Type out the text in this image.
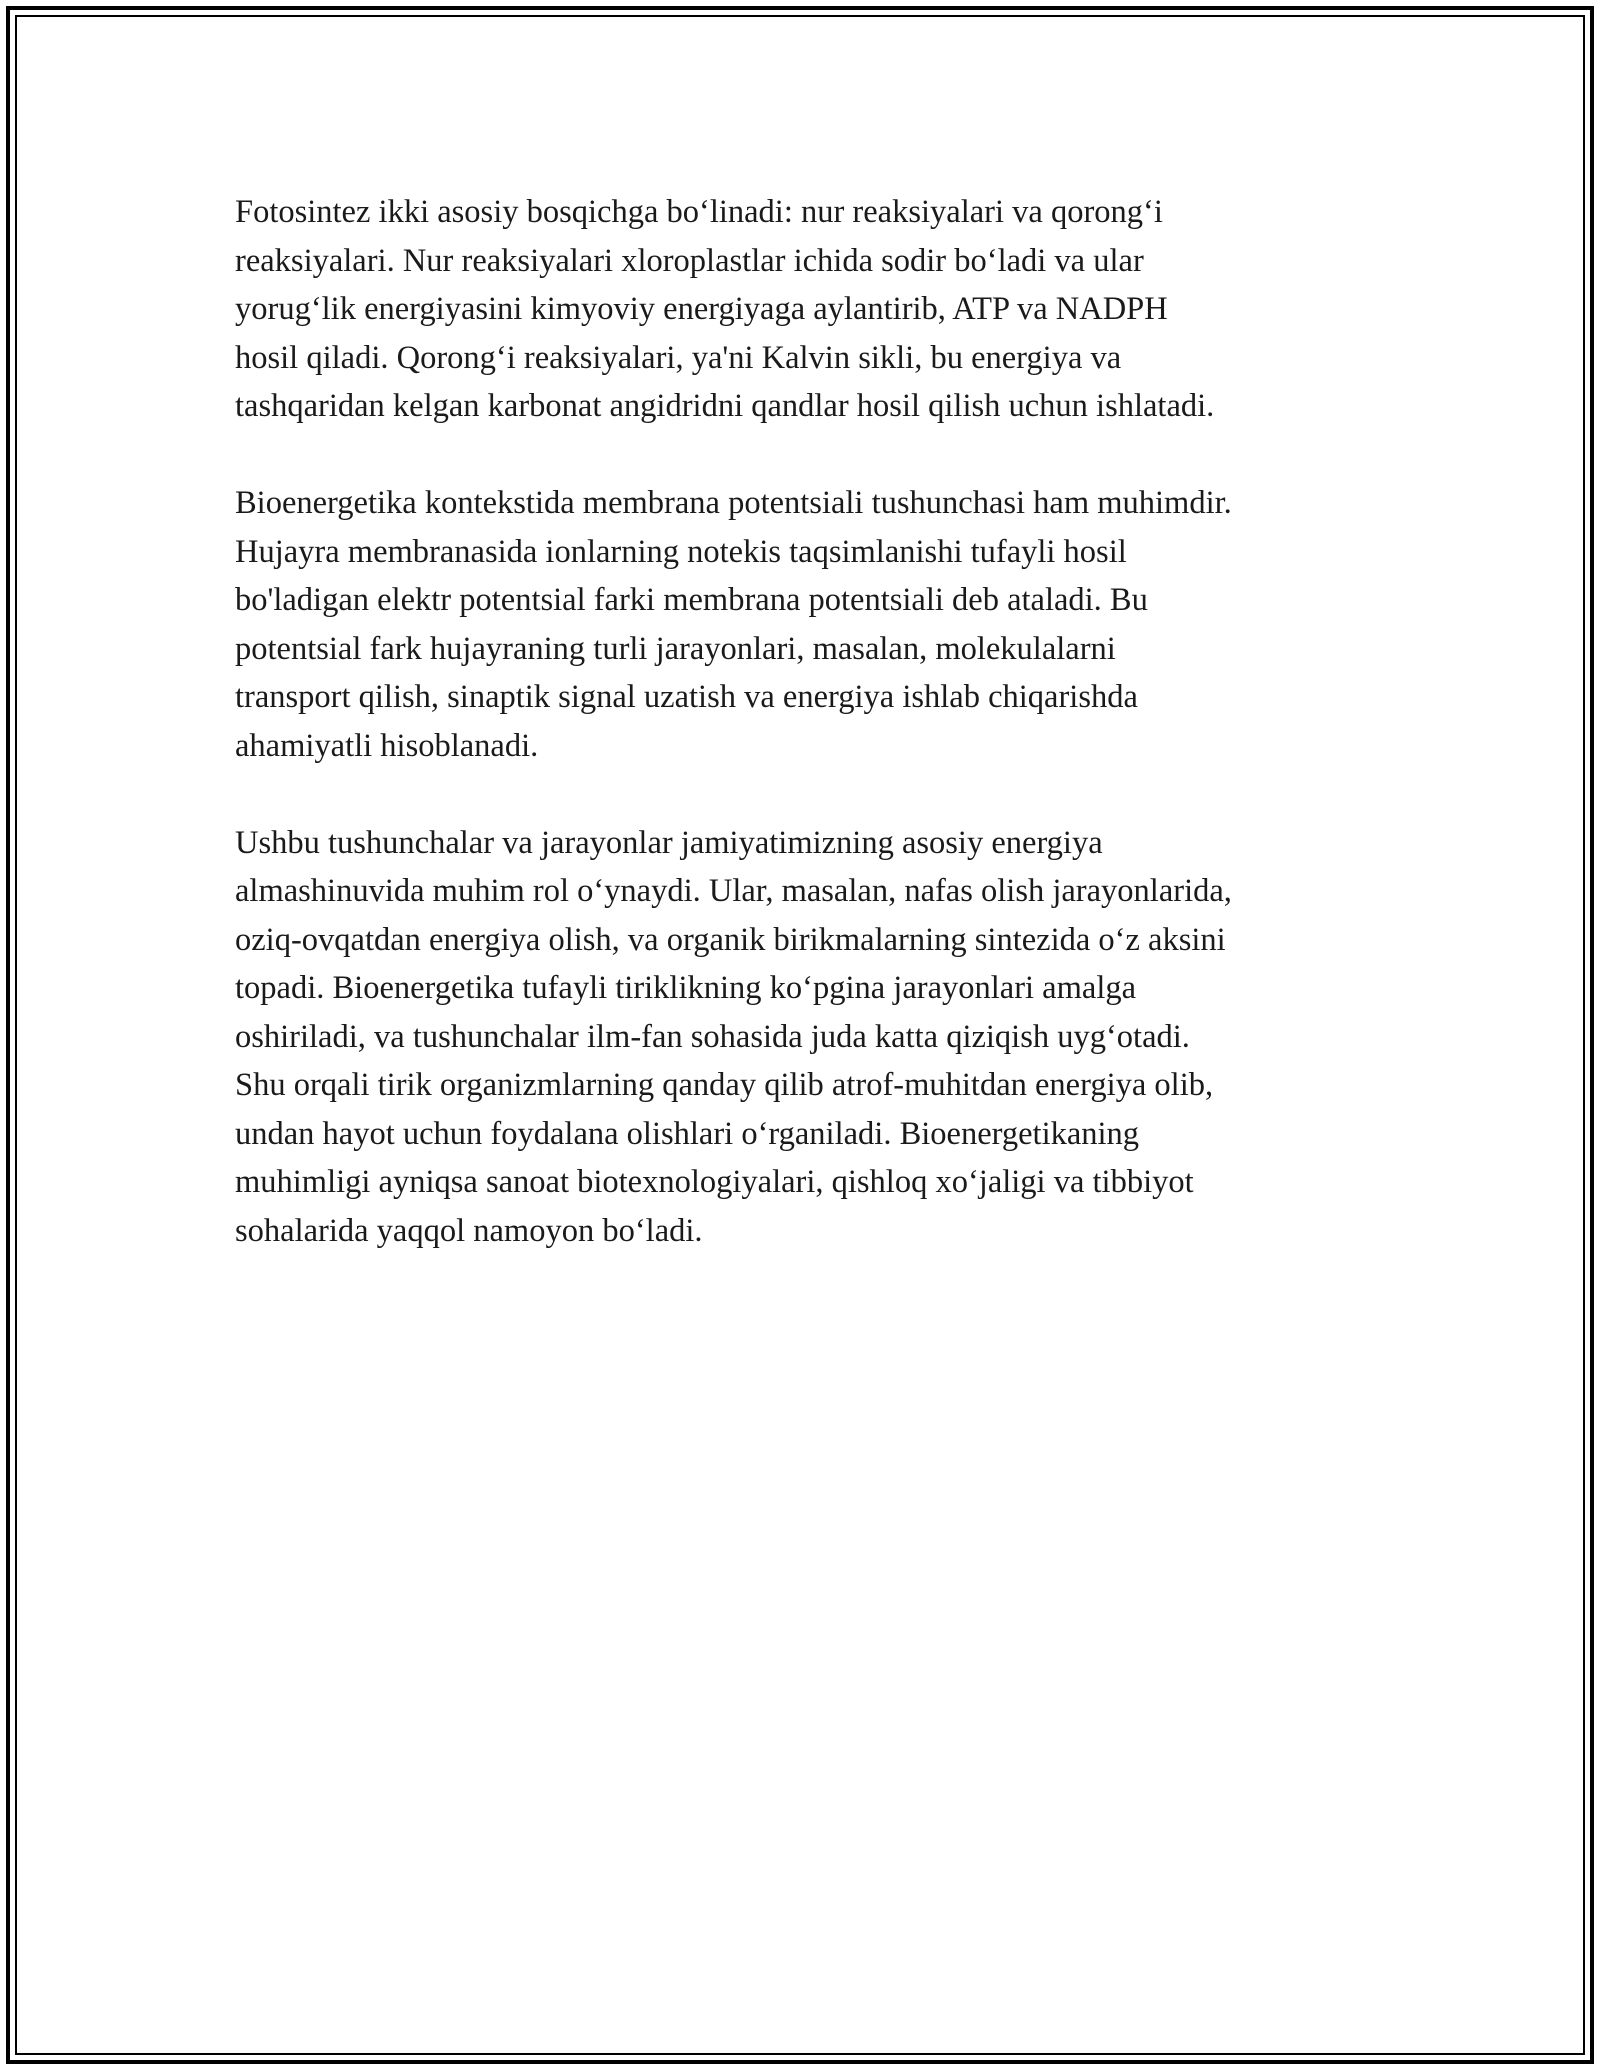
Fotosintez ikki asosiy bosqichga bo‘linadi: nur reaksiyalari va qorong‘i
reaksiyalari. Nur reaksiyalari xloroplastlar ichida sodir bo‘ladi va ular
yorug‘lik energiyasini kimyoviy energiyaga aylantirib, ATP va NADPH
hosil qiladi. Qorong‘i reaksiyalari, ya'ni Kalvin sikli, bu energiya va
tashqaridan kelgan karbonat angidridni qandlar hosil qilish uchun ishlatadi.

Bioenergetika kontekstida membrana potentsiali tushunchasi ham muhimdir.
Hujayra membranasida ionlarning notekis taqsimlanishi tufayli hosil
bo'ladigan elektr potentsial farki membrana potentsiali deb ataladi. Bu
potentsial fark hujayraning turli jarayonlari, masalan, molekulalarni
transport qilish, sinaptik signal uzatish va energiya ishlab chiqarishda
ahamiyatli hisoblanadi.

Ushbu tushunchalar va jarayonlar jamiyatimizning asosiy energiya
almashinuvida muhim rol o‘ynaydi. Ular, masalan, nafas olish jarayonlarida,
oziq-ovqatdan energiya olish, va organik birikmalarning sintezida o‘z aksini
topadi. Bioenergetika tufayli tiriklikning ko‘pgina jarayonlari amalga
oshiriladi, va tushunchalar ilm-fan sohasida juda katta qiziqish uyg‘otadi.
Shu orqali tirik organizmlarning qanday qilib atrof-muhitdan energiya olib,
undan hayot uchun foydalana olishlari o‘rganiladi. Bioenergetikaning
muhimligi ayniqsa sanoat biotexnologiyalari, qishloq xo‘jaligi va tibbiyot
sohalarida yaqqol namoyon bo‘ladi.
